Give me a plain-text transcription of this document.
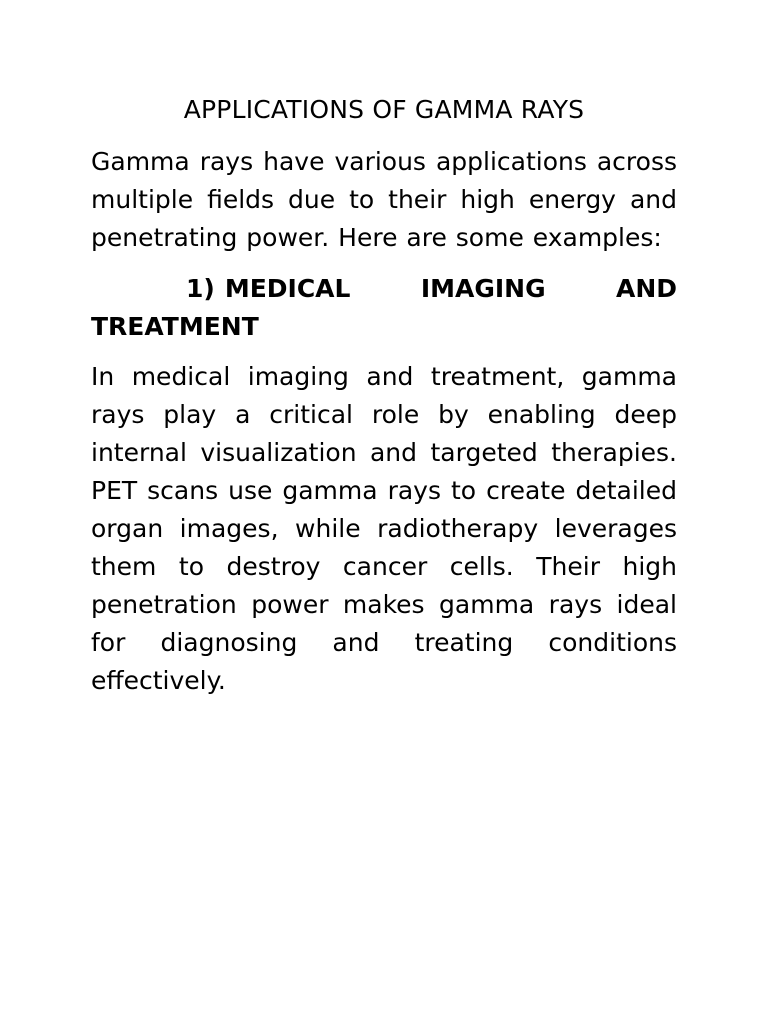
APPLICATIONS OF GAMMA RAYS

Gamma rays have various applications across multiple fields due to their high energy and penetrating power. Here are some examples:

1) MEDICAL IMAGING AND TREATMENT

In medical imaging and treatment, gamma rays play a critical role by enabling deep internal visualization and targeted therapies. PET scans use gamma rays to create detailed organ images, while radiotherapy leverages them to destroy cancer cells. Their high penetration power makes gamma rays ideal for diagnosing and treating conditions effectively.
